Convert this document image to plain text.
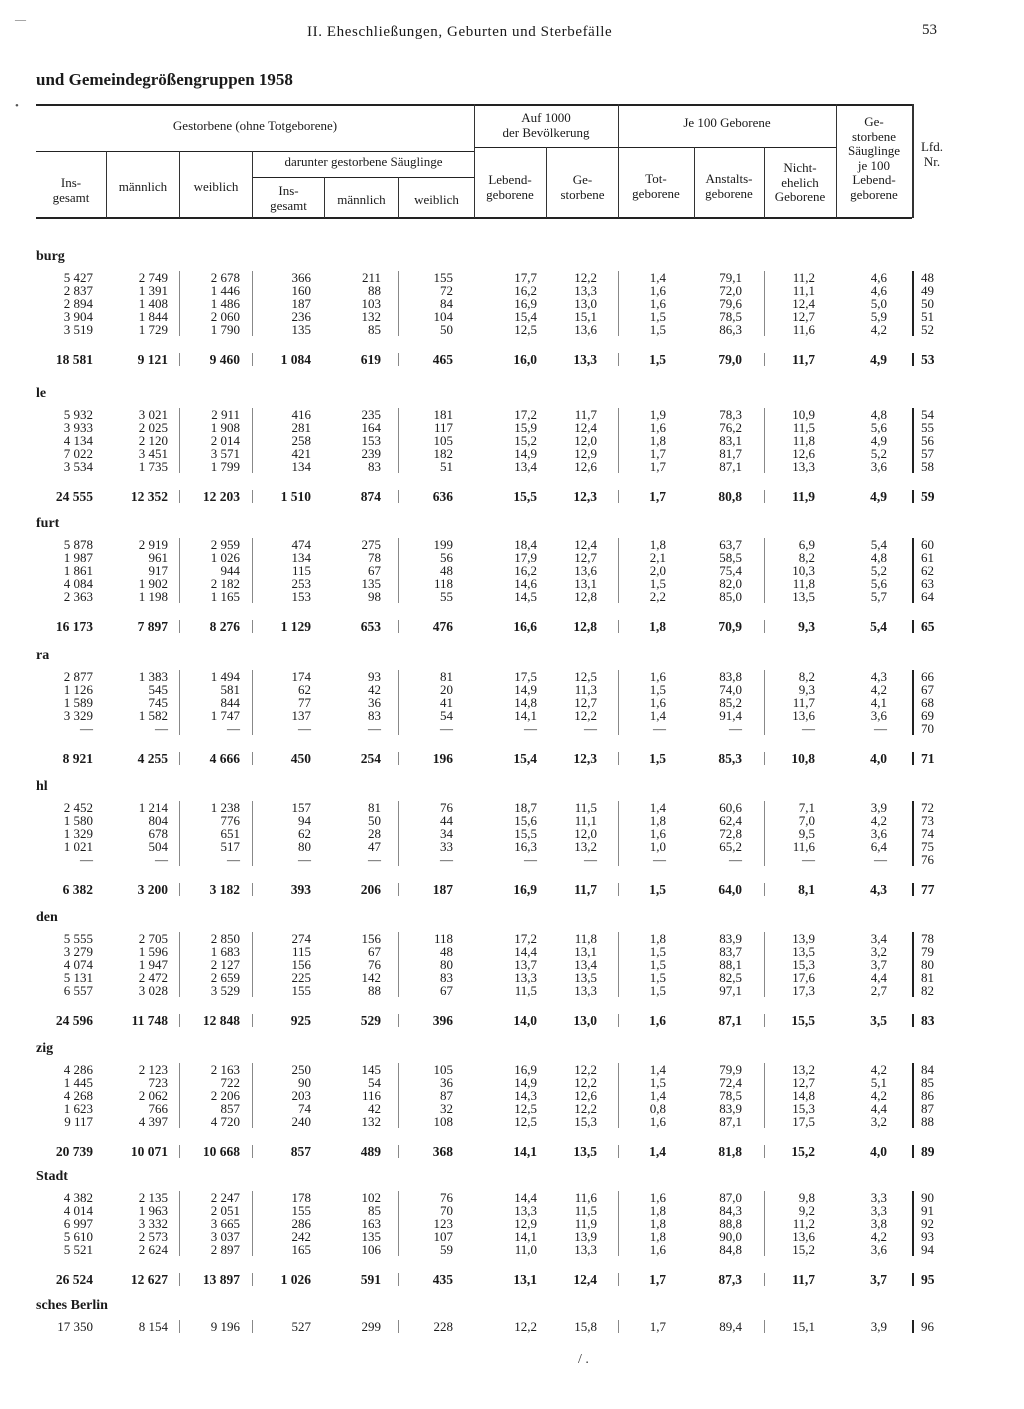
II. Eheschließungen, Geburten und Sterbefälle	53
und Gemeindegrößengruppen 1958
—
•
Gestorbene (ohne Totgeborene)
Ins-
gesamt
männlich	weiblich
darunter gestorbene Säuglinge
Ins-
gesamt	männlich	weiblich
Auf 1000
der Bevölkerung
Lebend-
geborene
Ge-
storbene
Je 100 Geborene
Tot-
geborene
Anstalts-
geborene
Nicht-
ehelich
Geborene
Ge-
storbene
Säuglinge
je 100
Lebend-
geborene
Lfd.
Nr.
burg
5 427	2 749	2 678	366	211	155	17,7	12,2	1,4	79,1	11,2	4,6	48
2 837	1 391	1 446	160	88	72	16,2	13,3	1,6	72,0	11,1	4,6	49
2 894	1 408	1 486	187	103	84	16,9	13,0	1,6	79,6	12,4	5,0	50
3 904	1 844	2 060	236	132	104	15,4	15,1	1,5	78,5	12,7	5,9	51
3 519	1 729	1 790	135	85	50	12,5	13,6	1,5	86,3	11,6	4,2	52
18 581	9 121	9 460	1 084	619	465	16,0	13,3	1,5	79,0	11,7	4,9	53
le
5 932	3 021	2 911	416	235	181	17,2	11,7	1,9	78,3	10,9	4,8	54
3 933	2 025	1 908	281	164	117	15,9	12,4	1,6	76,2	11,5	5,6	55
4 134	2 120	2 014	258	153	105	15,2	12,0	1,8	83,1	11,8	4,9	56
7 022	3 451	3 571	421	239	182	14,9	12,9	1,7	81,7	12,6	5,2	57
3 534	1 735	1 799	134	83	51	13,4	12,6	1,7	87,1	13,3	3,6	58
24 555	12 352	12 203	1 510	874	636	15,5	12,3	1,7	80,8	11,9	4,9	59
furt
5 878	2 919	2 959	474	275	199	18,4	12,4	1,8	63,7	6,9	5,4	60
1 987	961	1 026	134	78	56	17,9	12,7	2,1	58,5	8,2	4,8	61
1 861	917	944	115	67	48	16,2	13,6	2,0	75,4	10,3	5,2	62
4 084	1 902	2 182	253	135	118	14,6	13,1	1,5	82,0	11,8	5,6	63
2 363	1 198	1 165	153	98	55	14,5	12,8	2,2	85,0	13,5	5,7	64
16 173	7 897	8 276	1 129	653	476	16,6	12,8	1,8	70,9	9,3	5,4	65
ra
2 877	1 383	1 494	174	93	81	17,5	12,5	1,6	83,8	8,2	4,3	66
1 126	545	581	62	42	20	14,9	11,3	1,5	74,0	9,3	4,2	67
1 589	745	844	77	36	41	14,8	12,7	1,6	85,2	11,7	4,1	68
3 329	1 582	1 747	137	83	54	14,1	12,2	1,4	91,4	13,6	3,6	69
—	—	—	—	—	—	—	—	—	—	—	—	70
8 921	4 255	4 666	450	254	196	15,4	12,3	1,5	85,3	10,8	4,0	71
hl
2 452	1 214	1 238	157	81	76	18,7	11,5	1,4	60,6	7,1	3,9	72
1 580	804	776	94	50	44	15,6	11,1	1,8	62,4	7,0	4,2	73
1 329	678	651	62	28	34	15,5	12,0	1,6	72,8	9,5	3,6	74
1 021	504	517	80	47	33	16,3	13,2	1,0	65,2	11,6	6,4	75
—	—	—	—	—	—	—	—	—	—	—	—	76
6 382	3 200	3 182	393	206	187	16,9	11,7	1,5	64,0	8,1	4,3	77
den
5 555	2 705	2 850	274	156	118	17,2	11,8	1,8	83,9	13,9	3,4	78
3 279	1 596	1 683	115	67	48	14,4	13,1	1,5	83,7	13,5	3,2	79
4 074	1 947	2 127	156	76	80	13,7	13,4	1,5	88,1	15,3	3,7	80
5 131	2 472	2 659	225	142	83	13,3	13,5	1,5	82,5	17,6	4,4	81
6 557	3 028	3 529	155	88	67	11,5	13,3	1,5	97,1	17,3	2,7	82
24 596	11 748	12 848	925	529	396	14,0	13,0	1,6	87,1	15,5	3,5	83
zig
4 286	2 123	2 163	250	145	105	16,9	12,2	1,4	79,9	13,2	4,2	84
1 445	723	722	90	54	36	14,9	12,2	1,5	72,4	12,7	5,1	85
4 268	2 062	2 206	203	116	87	14,3	12,6	1,4	78,5	14,8	4,2	86
1 623	766	857	74	42	32	12,5	12,2	0,8	83,9	15,3	4,4	87
9 117	4 397	4 720	240	132	108	12,5	15,3	1,6	87,1	17,5	3,2	88
20 739	10 071	10 668	857	489	368	14,1	13,5	1,4	81,8	15,2	4,0	89
Stadt
4 382	2 135	2 247	178	102	76	14,4	11,6	1,6	87,0	9,8	3,3	90
4 014	1 963	2 051	155	85	70	13,3	11,5	1,8	84,3	9,2	3,3	91
6 997	3 332	3 665	286	163	123	12,9	11,9	1,8	88,8	11,2	3,8	92
5 610	2 573	3 037	242	135	107	14,1	13,9	1,8	90,0	13,6	4,2	93
5 521	2 624	2 897	165	106	59	11,0	13,3	1,6	84,8	15,2	3,6	94
26 524	12 627	13 897	1 026	591	435	13,1	12,4	1,7	87,3	11,7	3,7	95
sches Berlin
17 350	8 154	9 196	527	299	228	12,2	15,8	1,7	89,4	15,1	3,9	96
/ .
